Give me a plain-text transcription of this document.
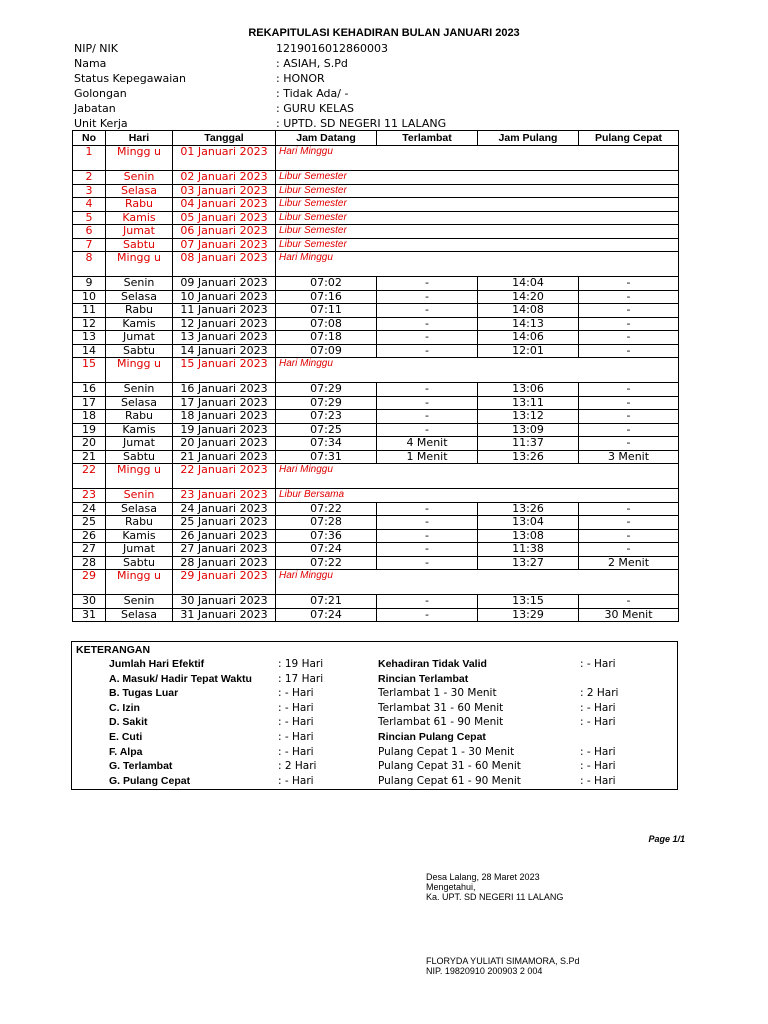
REKAPITULASI KEHADIRAN BULAN JANUARI 2023
NIP/ NIK	1219016012860003
Nama	: ASIAH, S.Pd
Status Kepegawaian	: HONOR
Golongan	: Tidak Ada/ -
Jabatan	: GURU KELAS
Unit Kerja	: UPTD. SD NEGERI 11 LALANG
No	Hari	Tanggal	Jam Datang	Terlambat	Jam Pulang	Pulang Cepat
1	Mingg u	01 Januari 2023	Hari Minggu			
2	Senin	02 Januari 2023	Libur Semester			
3	Selasa	03 Januari 2023	Libur Semester			
4	Rabu	04 Januari 2023	Libur Semester			
5	Kamis	05 Januari 2023	Libur Semester			
6	Jumat	06 Januari 2023	Libur Semester			
7	Sabtu	07 Januari 2023	Libur Semester			
8	Mingg u	08 Januari 2023	Hari Minggu			
9	Senin	09 Januari 2023	07:02	-	14:04	-
10	Selasa	10 Januari 2023	07:16	-	14:20	-
11	Rabu	11 Januari 2023	07:11	-	14:08	-
12	Kamis	12 Januari 2023	07:08	-	14:13	-
13	Jumat	13 Januari 2023	07:18	-	14:06	-
14	Sabtu	14 Januari 2023	07:09	-	12:01	-
15	Mingg u	15 Januari 2023	Hari Minggu			
16	Senin	16 Januari 2023	07:29	-	13:06	-
17	Selasa	17 Januari 2023	07:29	-	13:11	-
18	Rabu	18 Januari 2023	07:23	-	13:12	-
19	Kamis	19 Januari 2023	07:25	-	13:09	-
20	Jumat	20 Januari 2023	07:34	4 Menit	11:37	-
21	Sabtu	21 Januari 2023	07:31	1 Menit	13:26	3 Menit
22	Mingg u	22 Januari 2023	Hari Minggu			
23	Senin	23 Januari 2023	Libur Bersama			
24	Selasa	24 Januari 2023	07:22	-	13:26	-
25	Rabu	25 Januari 2023	07:28	-	13:04	-
26	Kamis	26 Januari 2023	07:36	-	13:08	-
27	Jumat	27 Januari 2023	07:24	-	11:38	-
28	Sabtu	28 Januari 2023	07:22	-	13:27	2 Menit
29	Mingg u	29 Januari 2023	Hari Minggu			
30	Senin	30 Januari 2023	07:21	-	13:15	-
31	Selasa	31 Januari 2023	07:24	-	13:29	30 Menit
KETERANGAN
Jumlah Hari Efektif	: 19 Hari
A. Masuk/ Hadir Tepat Waktu : 17 Hari
B. Tugas Luar	: - Hari
C. Izin	: - Hari
D. Sakit	: - Hari
E. Cuti	: - Hari
F. Alpa	: - Hari
G. Terlambat	: 2 Hari
G. Pulang Cepat	: - Hari
Kehadiran Tidak Valid	: - Hari
Rincian Terlambat
Terlambat 1 - 30 Menit	: 2 Hari
Terlambat 31 - 60 Menit	: - Hari
Terlambat 61 - 90 Menit	: - Hari
Rincian Pulang Cepat
Pulang Cepat 1 - 30 Menit	: - Hari
Pulang Cepat 31 - 60 Menit	: - Hari
Pulang Cepat 61 - 90 Menit	: - Hari
Page 1/1
Desa Lalang, 28 Maret 2023
Mengetahui,
Ka. UPT. SD NEGERI 11 LALANG
FLORYDA YULIATI SIMAMORA, S.Pd
NIP. 19820910 200903 2 004
